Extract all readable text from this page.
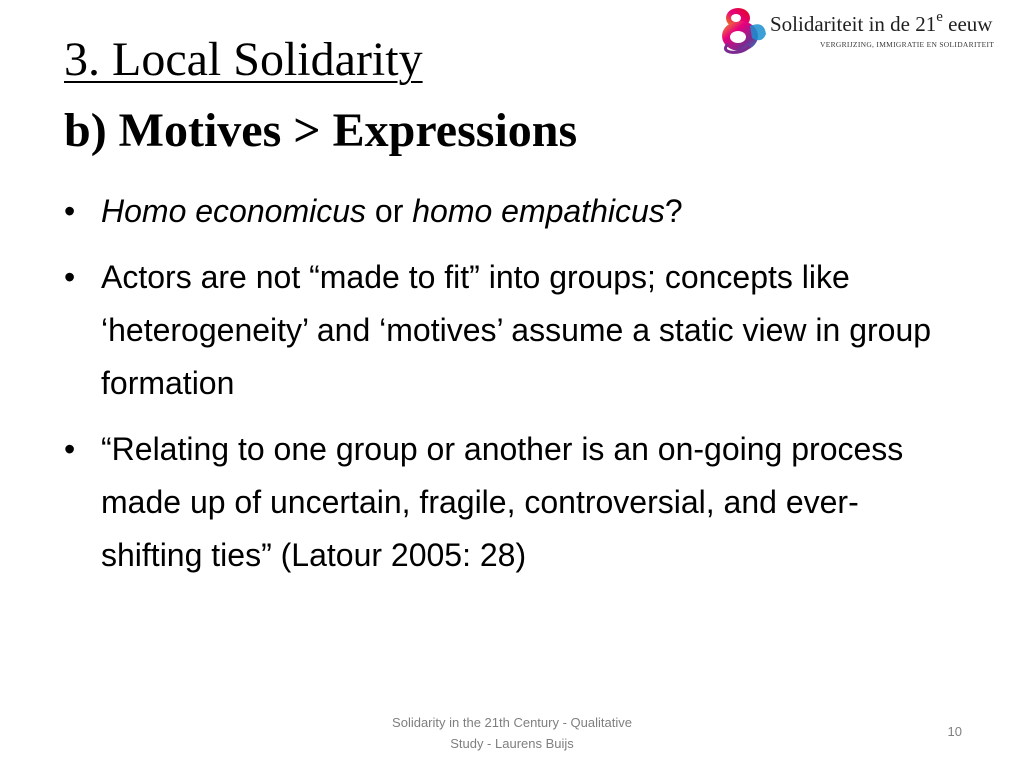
Solidariteit in de 21e eeuw
VERGRIJZING, IMMIGRATIE EN SOLIDARITEIT
3. Local Solidarity
b) Motives > Expressions
• Homo economicus or homo empathicus?
• Actors are not “made to fit” into groups; concepts like ‘heterogeneity’ and ‘motives’ assume a static view in group formation
• “Relating to one group or another is an on-going process made up of uncertain, fragile, controversial, and ever-shifting ties” (Latour 2005: 28)
Solidarity in the 21th Century - Qualitative
Study - Laurens Buijs
10
